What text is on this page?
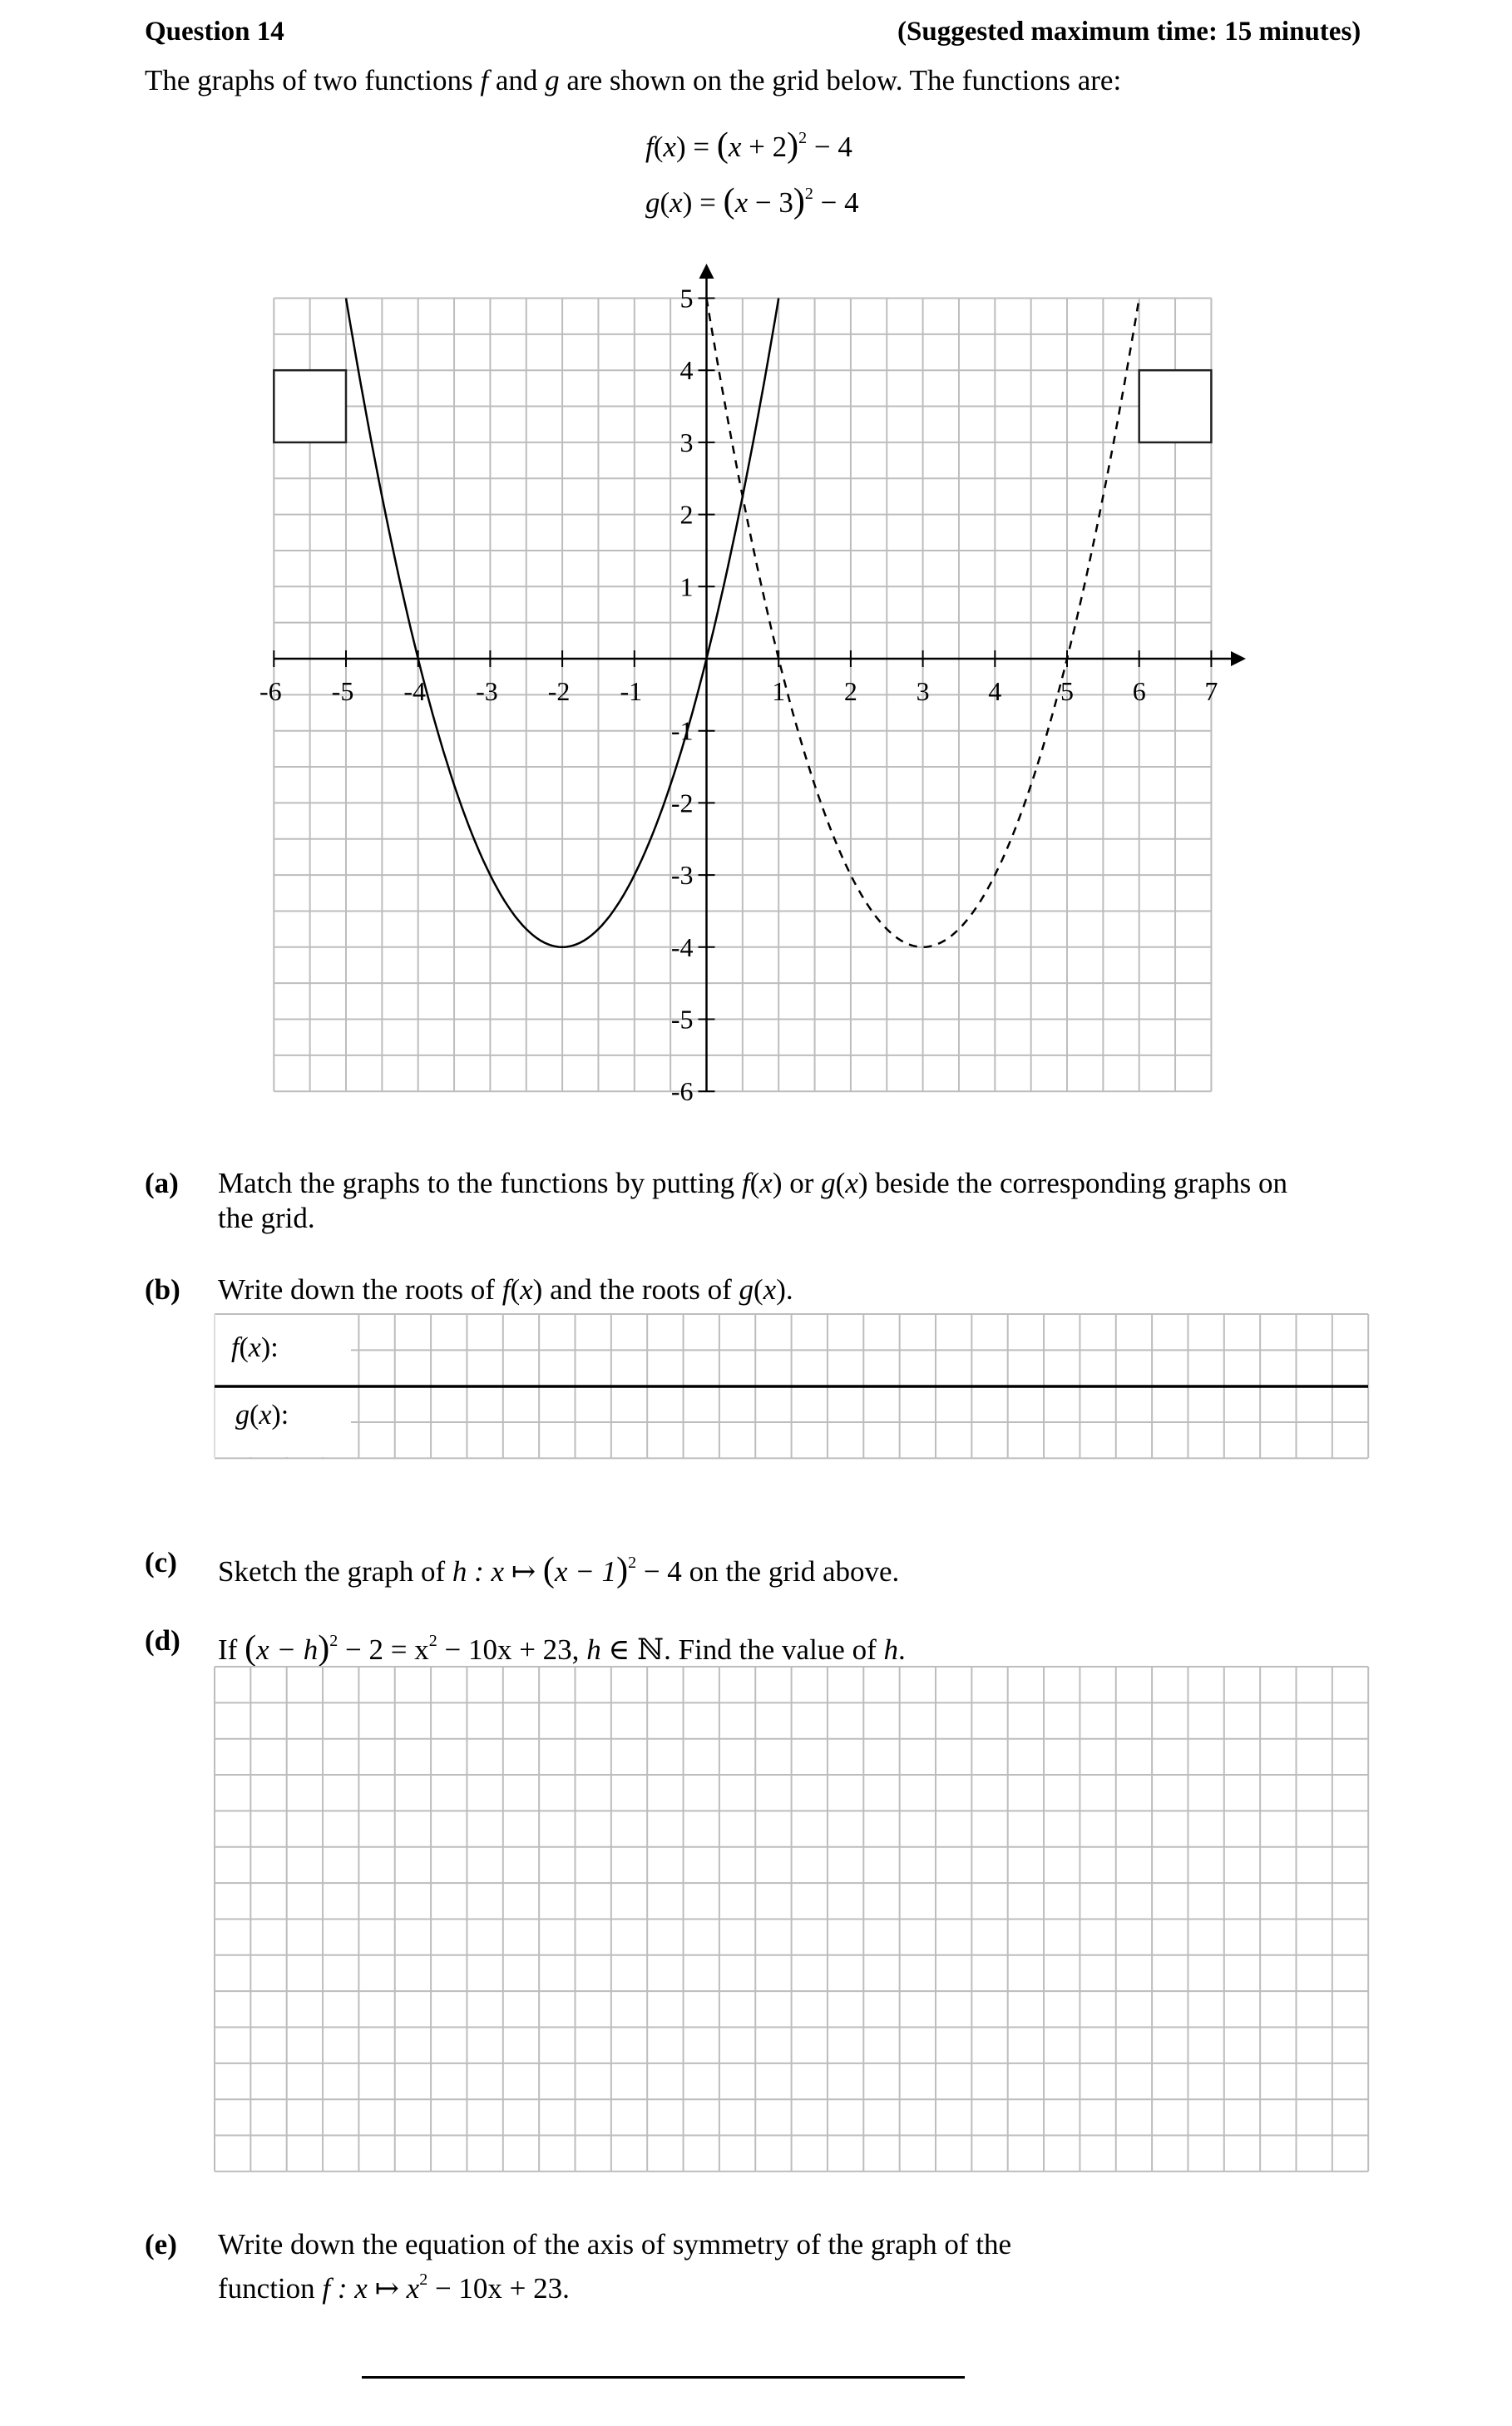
Question 14	(Suggested maximum time: 15 minutes)
The graphs of two functions f and g are shown on the grid below. The functions are:
$f(x) = (x + 2)^2 - 4$
$g(x) = (x - 3)^2 - 4$
-6 -5 -4 -3 -2 -1	1 2 3 4 5 6 7
5
4
3
2
1
-1
-2
-3
-4
-5
-6
(a) Match the graphs to the functions by putting f(x) or g(x) beside the corresponding graphs on
the grid.
(b) Write down the roots of f(x) and the roots of g(x).
f(x):
g(x):
(c) Sketch the graph of h : x ↦ $(x - 1)^2 - 4$ on the grid above.
(d) If $(x - h)^2 - 2 = x^2 - 10x + 23$, h ∈ ℕ. Find the value of h.
(e) Write down the equation of the axis of symmetry of the graph of the
function f : x ↦ $x^2 - 10x + 23$.
